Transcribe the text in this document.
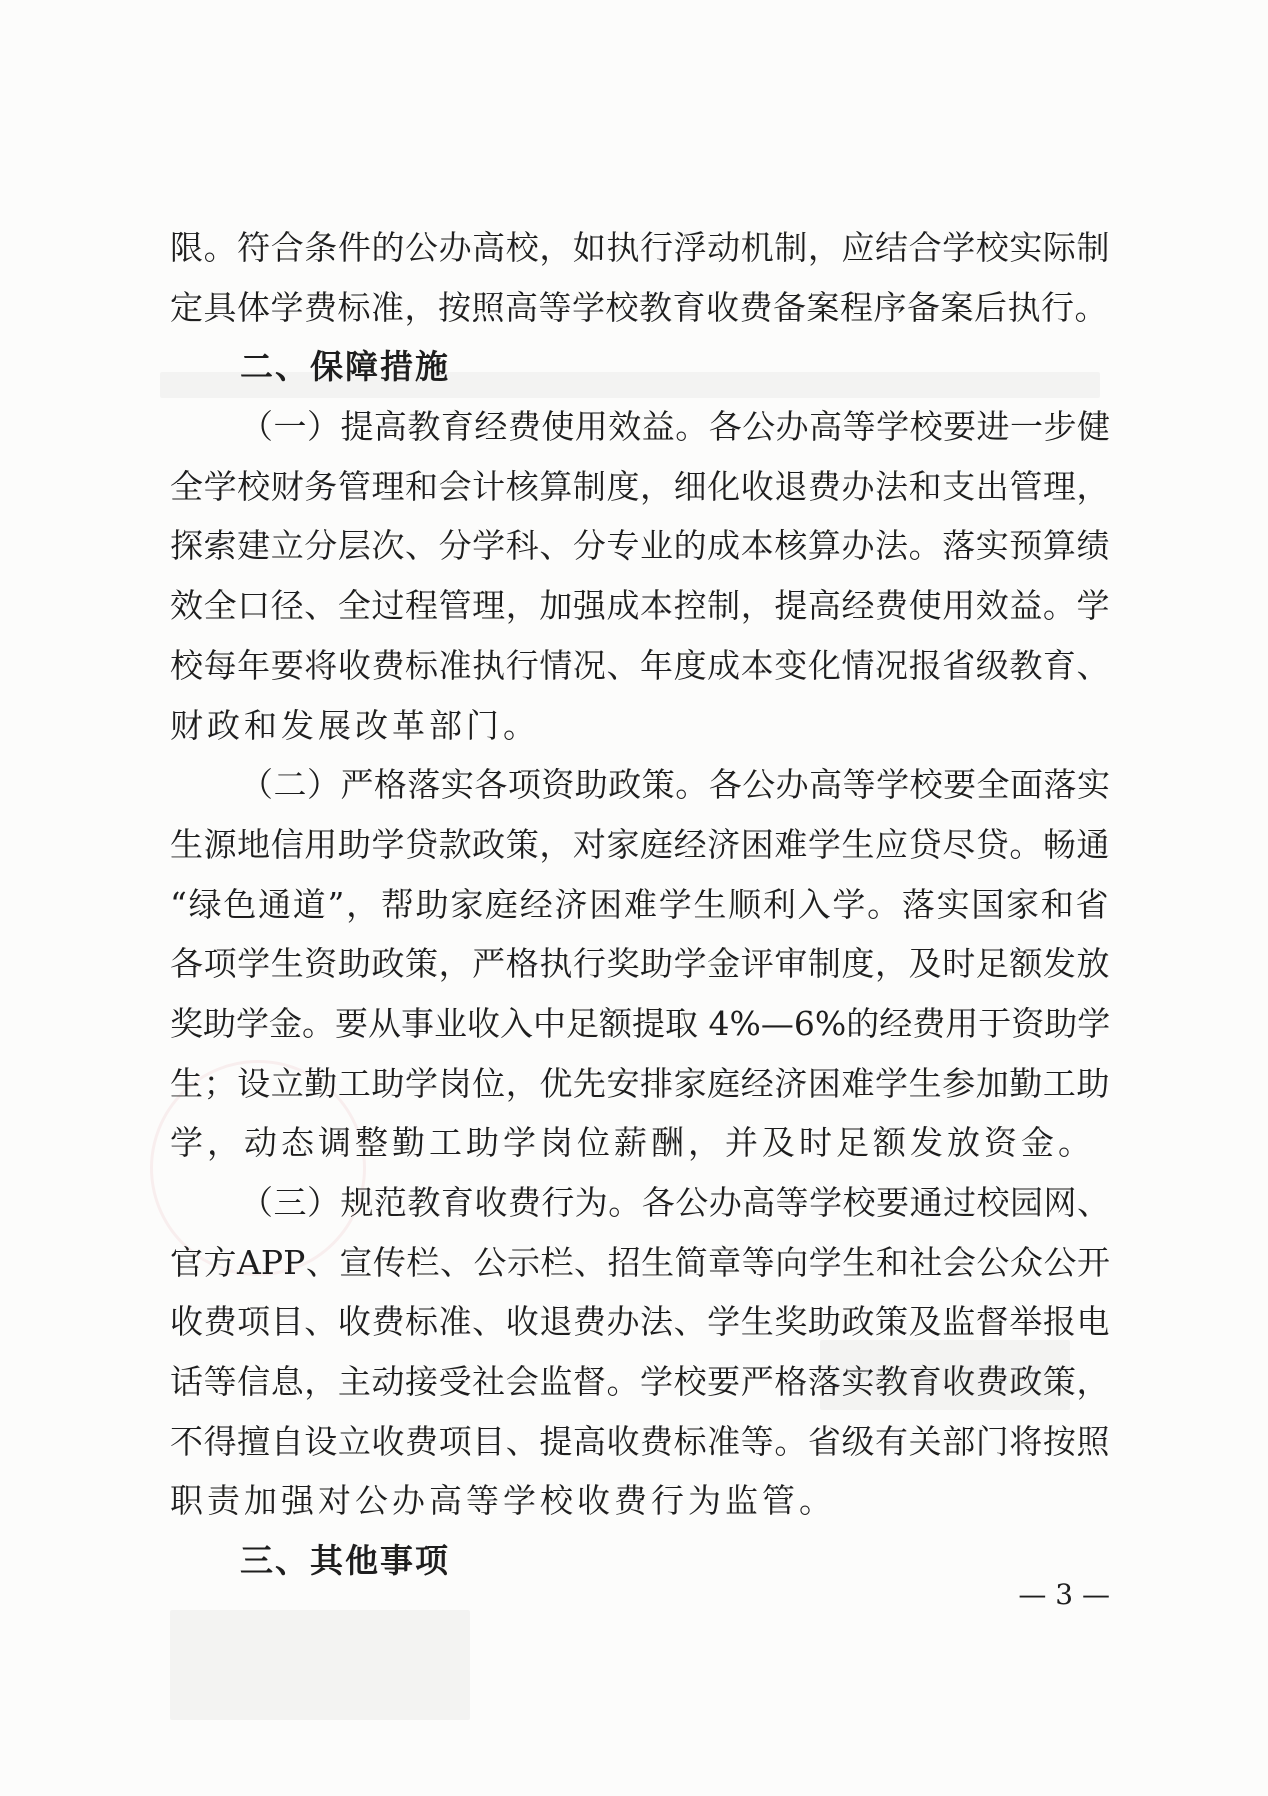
限。符合条件的公办高校，如执行浮动机制，应结合学校实际制
定具体学费标准，按照高等学校教育收费备案程序备案后执行。
二、保障措施
（一）提高教育经费使用效益。各公办高等学校要进一步健
全学校财务管理和会计核算制度，细化收退费办法和支出管理，
探索建立分层次、分学科、分专业的成本核算办法。落实预算绩
效全口径、全过程管理，加强成本控制，提高经费使用效益。学
校每年要将收费标准执行情况、年度成本变化情况报省级教育、
财政和发展改革部门。
（二）严格落实各项资助政策。各公办高等学校要全面落实
生源地信用助学贷款政策，对家庭经济困难学生应贷尽贷。畅通
“绿色通道”，帮助家庭经济困难学生顺利入学。落实国家和省
各项学生资助政策，严格执行奖助学金评审制度，及时足额发放
奖助学金。要从事业收入中足额提取 4%—6%的经费用于资助学
生；设立勤工助学岗位，优先安排家庭经济困难学生参加勤工助
学，动态调整勤工助学岗位薪酬，并及时足额发放资金。
（三）规范教育收费行为。各公办高等学校要通过校园网、
官方APP、宣传栏、公示栏、招生简章等向学生和社会公众公开
收费项目、收费标准、收退费办法、学生奖助政策及监督举报电
话等信息，主动接受社会监督。学校要严格落实教育收费政策，
不得擅自设立收费项目、提高收费标准等。省级有关部门将按照
职责加强对公办高等学校收费行为监管。
三、其他事项
— 3 —
